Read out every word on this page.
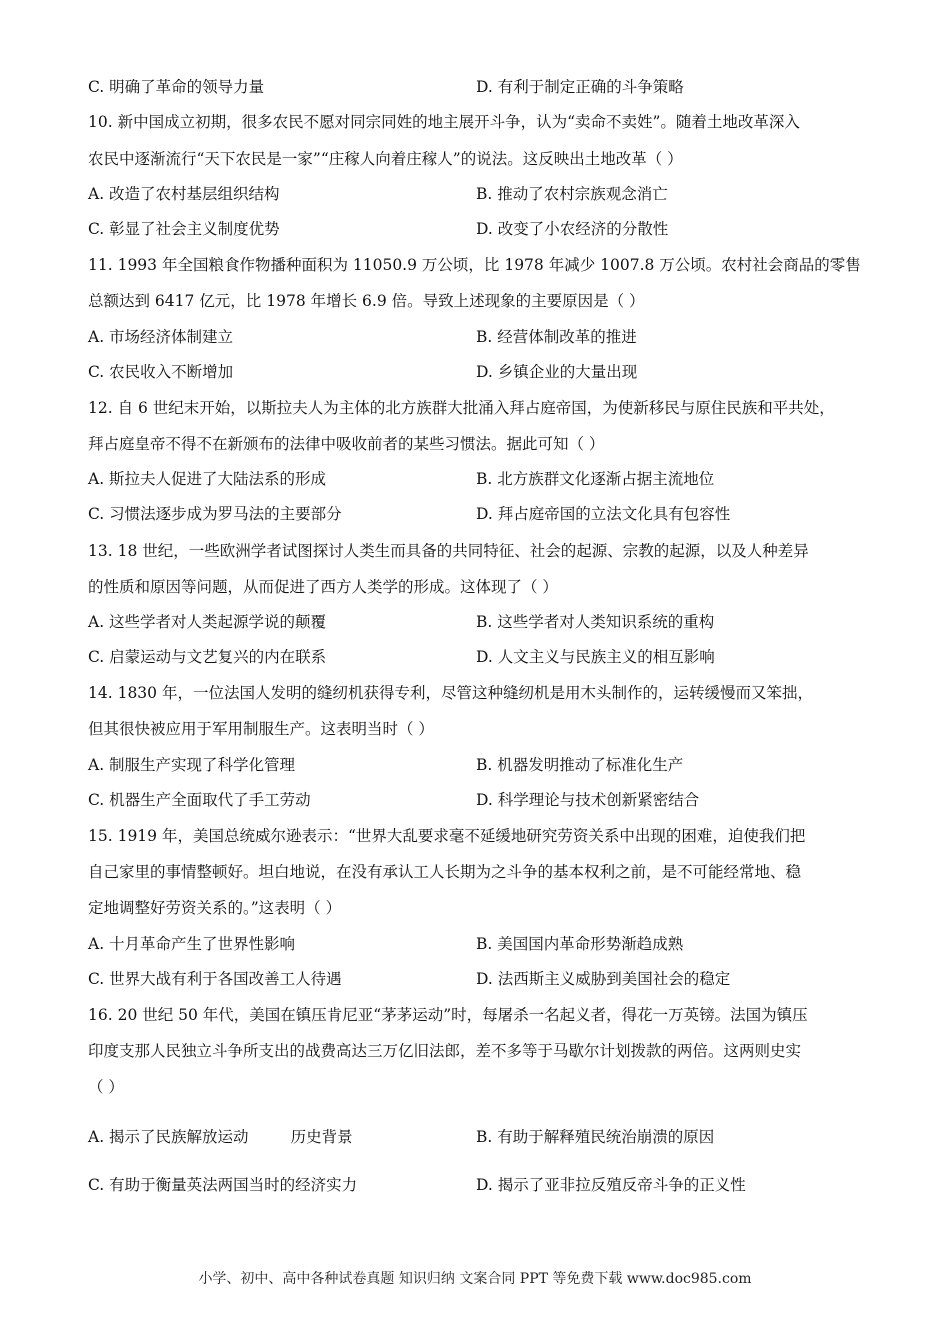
C. 明确了革命的领导力量	D. 有利于制定正确的斗争策略
10. 新中国成立初期，很多农民不愿对同宗同姓的地主展开斗争，认为“卖命不卖姓”。随着土地改革深入
农民中逐渐流行“天下农民是一家”“庄稼人向着庄稼人”的说法。这反映出土地改革（ ）
A. 改造了农村基层组织结构	B. 推动了农村宗族观念消亡
C. 彰显了社会主义制度优势	D. 改变了小农经济的分散性
11. 1993 年全国粮食作物播种面积为 11050.9 万公顷，比 1978 年减少 1007.8 万公顷。农村社会商品的零售
总额达到 6417 亿元，比 1978 年增长 6.9 倍。导致上述现象的主要原因是（ ）
A. 市场经济体制建立	B. 经营体制改革的推进
C. 农民收入不断增加	D. 乡镇企业的大量出现
12. 自 6 世纪末开始，以斯拉夫人为主体的北方族群大批涌入拜占庭帝国，为使新移民与原住民族和平共处，
拜占庭皇帝不得不在新颁布的法律中吸收前者的某些习惯法。据此可知（ ）
A. 斯拉夫人促进了大陆法系的形成	B. 北方族群文化逐渐占据主流地位
C. 习惯法逐步成为罗马法的主要部分	D. 拜占庭帝国的立法文化具有包容性
13. 18 世纪，一些欧洲学者试图探讨人类生而具备的共同特征、社会的起源、宗教的起源，以及人种差异
的性质和原因等问题，从而促进了西方人类学的形成。这体现了（ ）
A. 这些学者对人类起源学说的颠覆	B. 这些学者对人类知识系统的重构
C. 启蒙运动与文艺复兴的内在联系	D. 人文主义与民族主义的相互影响
14. 1830 年，一位法国人发明的缝纫机获得专利，尽管这种缝纫机是用木头制作的，运转缓慢而又笨拙，
但其很快被应用于军用制服生产。这表明当时（ ）
A. 制服生产实现了科学化管理	B. 机器发明推动了标准化生产
C. 机器生产全面取代了手工劳动	D. 科学理论与技术创新紧密结合
15. 1919 年，美国总统威尔逊表示：“世界大乱要求毫不延缓地研究劳资关系中出现的困难，迫使我们把
自己家里的事情整顿好。坦白地说，在没有承认工人长期为之斗争的基本权利之前，是不可能经常地、稳
定地调整好劳资关系的。”这表明（ ）
A. 十月革命产生了世界性影响	B. 美国国内革命形势渐趋成熟
C. 世界大战有利于各国改善工人待遇	D. 法西斯主义威胁到美国社会的稳定
16. 20 世纪 50 年代，美国在镇压肯尼亚“茅茅运动”时，每屠杀一名起义者，得花一万英镑。法国为镇压
印度支那人民独立斗争所支出的战费高达三万亿旧法郎，差不多等于马歇尔计划拨款的两倍。这两则史实
（ ）
A. 揭示了民族解放运动	历史背景	B. 有助于解释殖民统治崩溃的原因
C. 有助于衡量英法两国当时的经济实力	D. 揭示了亚非拉反殖反帝斗争的正义性
小学、初中、高中各种试卷真题 知识归纳 文案合同 PPT 等免费下载 www.doc985.com
